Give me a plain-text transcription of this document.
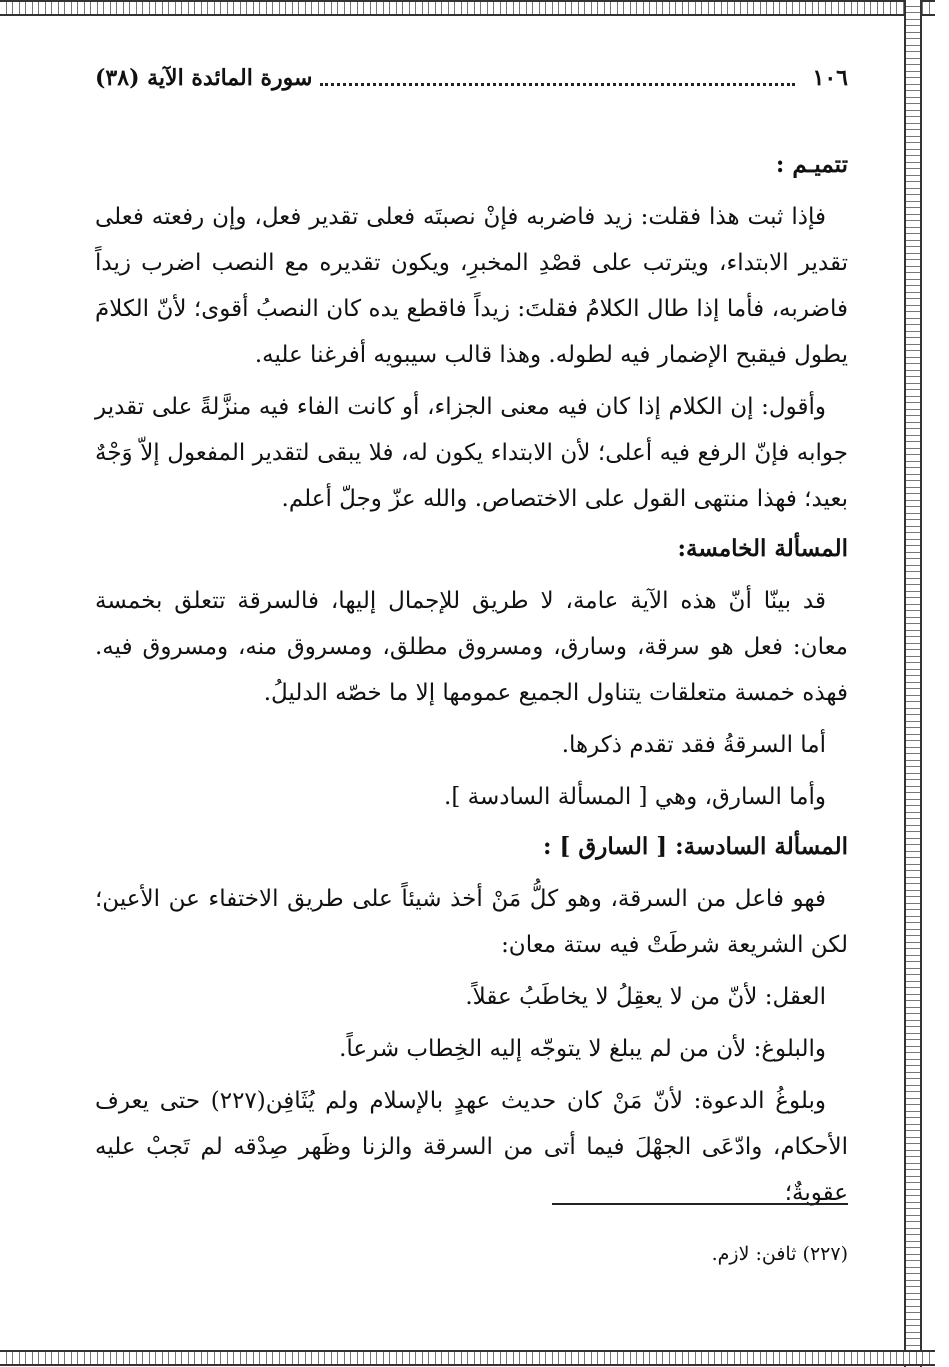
١٠٦
سورة المائدة الآية (٣٨)
تتميـم :

فإذا ثبت هذا فقلت: زيد فاضربه فإنْ نصبتَه فعلى تقدير فعل، وإن رفعته فعلى تقدير الابتداء، ويترتب على قصْدِ المخبرِ، ويكون تقديره مع النصب اضرب زيداً فاضربه، فأما إذا طال الكلامُ فقلتَ: زيداً فاقطع يده كان النصبُ أقوى؛ لأنّ الكلامَ يطول فيقبح الإضمار فيه لطوله. وهذا قالب سيبويه أفرغنا عليه.

وأقول: إن الكلام إذا كان فيه معنى الجزاء، أو كانت الفاء فيه منزَّلةً على تقدير جوابه فإنّ الرفع فيه أعلى؛ لأن الابتداء يكون له، فلا يبقى لتقدير المفعول إلاّ وَجْهٌ بعيد؛ فهذا منتهى القول على الاختصاص. والله عزّ وجلّ أعلم.

المسألة الخامسة:

قد بينّا أنّ هذه الآية عامة، لا طريق للإجمال إليها، فالسرقة تتعلق بخمسة معان: فعل هو سرقة، وسارق، ومسروق مطلق، ومسروق منه، ومسروق فيه. فهذه خمسة متعلقات يتناول الجميع عمومها إلا ما خصّه الدليلُ.

أما السرقةُ فقد تقدم ذكرها.

وأما السارق، وهي [ المسألة السادسة ].

المسألة السادسة: [ السارق ] :

فهو فاعل من السرقة، وهو كلُّ مَنْ أخذ شيئاً على طريق الاختفاء عن الأعين؛ لكن الشريعة شرطَتْ فيه ستة معان:

العقل: لأنّ من لا يعقِلُ لا يخاطَبُ عقلاً.

والبلوغ: لأن من لم يبلغ لا يتوجّه إليه الخِطاب شرعاً.

وبلوغُ الدعوة: لأنّ مَنْ كان حديث عهدٍ بالإسلام ولم يُثَافِن(٢٢٧) حتى يعرف الأحكام، وادّعَى الجهْلَ فيما أتى من السرقة والزنا وظَهر صِدْقه لم تَجبْ عليه عقوبةٌ؛

(٢٢٧) ثافن: لازم.
